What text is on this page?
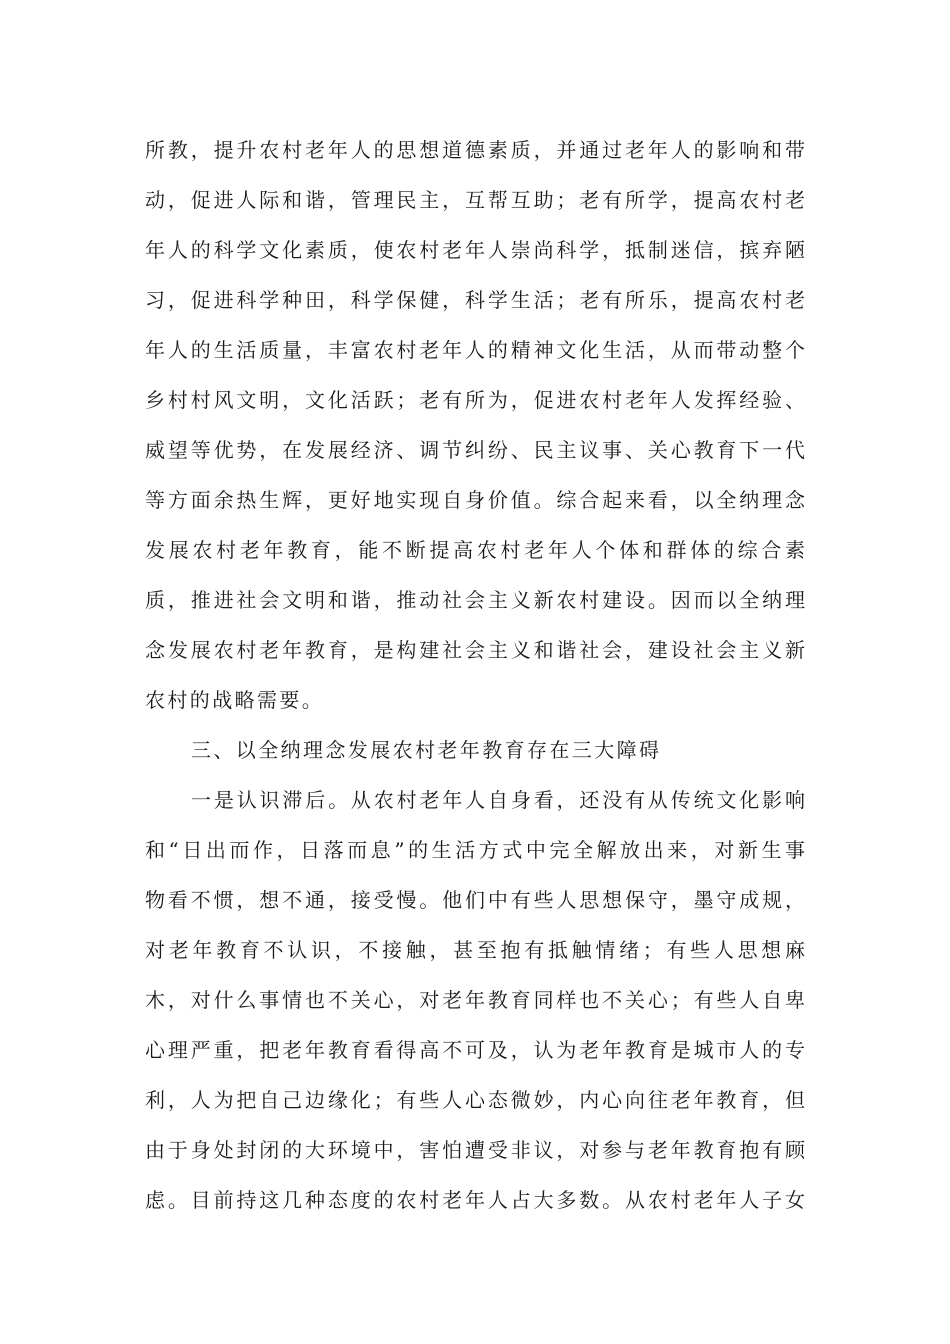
所教，提升农村老年人的思想道德素质，并通过老年人的影响和带
动，促进人际和谐，管理民主，互帮互助；老有所学，提高农村老
年人的科学文化素质，使农村老年人崇尚科学，抵制迷信，摈弃陋
习，促进科学种田，科学保健，科学生活；老有所乐，提高农村老
年人的生活质量，丰富农村老年人的精神文化生活，从而带动整个
乡村村风文明，文化活跃；老有所为，促进农村老年人发挥经验、
威望等优势，在发展经济、调节纠纷、民主议事、关心教育下一代
等方面余热生辉，更好地实现自身价值。综合起来看，以全纳理念
发展农村老年教育，能不断提高农村老年人个体和群体的综合素
质，推进社会文明和谐，推动社会主义新农村建设。因而以全纳理
念发展农村老年教育，是构建社会主义和谐社会，建设社会主义新
农村的战略需要。
三、以全纳理念发展农村老年教育存在三大障碍
一是认识滞后。从农村老年人自身看，还没有从传统文化影响
和“日出而作，日落而息”的生活方式中完全解放出来，对新生事
物看不惯，想不通，接受慢。他们中有些人思想保守，墨守成规，
对老年教育不认识，不接触，甚至抱有抵触情绪；有些人思想麻
木，对什么事情也不关心，对老年教育同样也不关心；有些人自卑
心理严重，把老年教育看得高不可及，认为老年教育是城市人的专
利，人为把自己边缘化；有些人心态微妙，内心向往老年教育，但
由于身处封闭的大环境中，害怕遭受非议，对参与老年教育抱有顾
虑。目前持这几种态度的农村老年人占大多数。从农村老年人子女
